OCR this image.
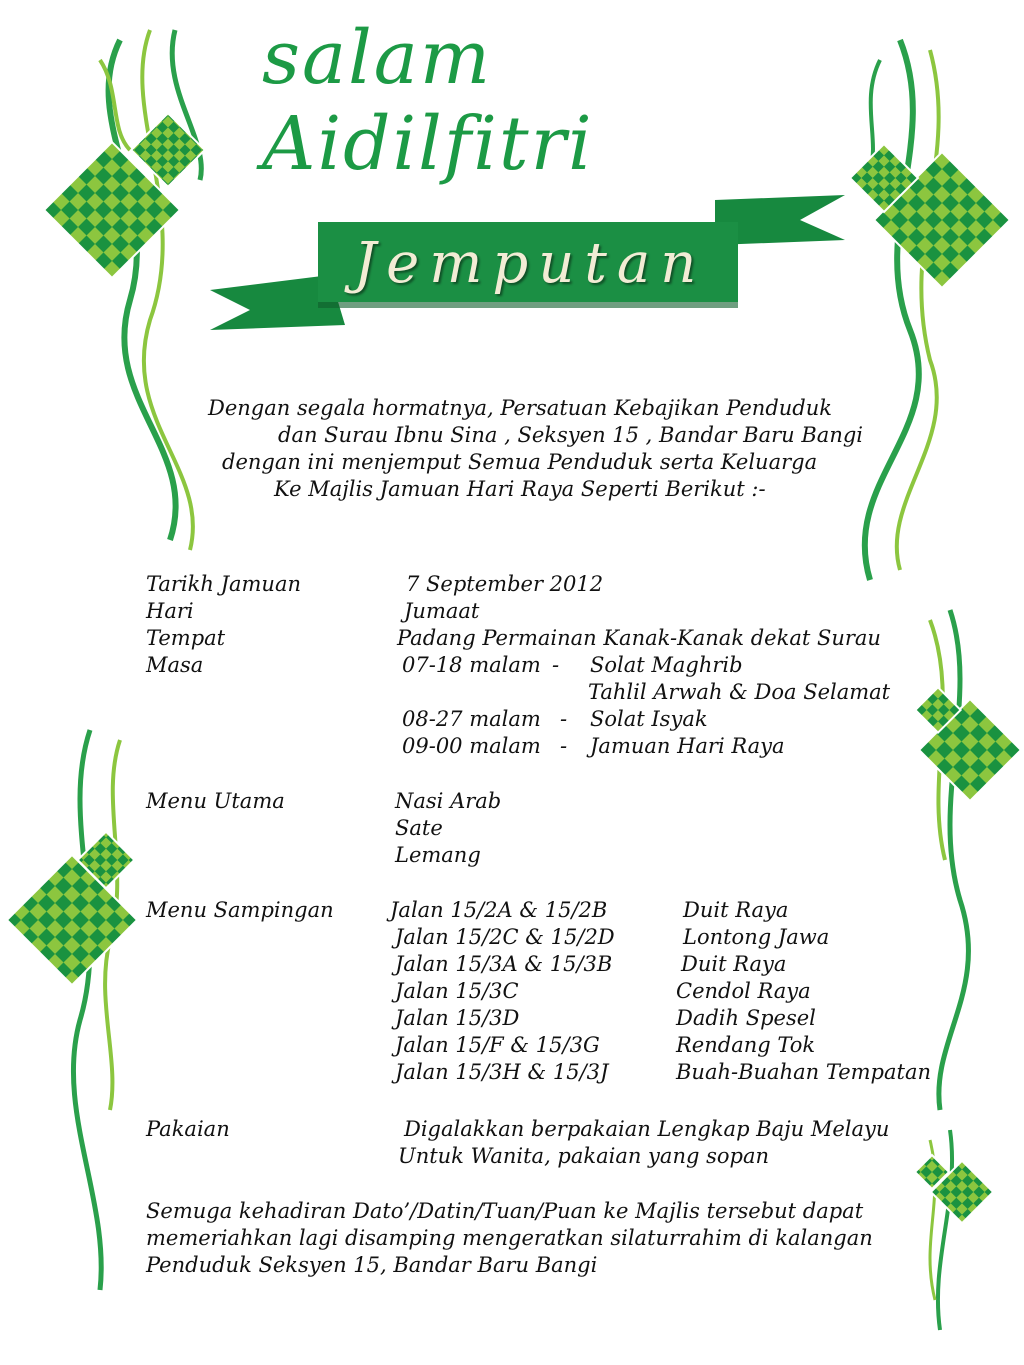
salam Aidilfitri
Jemputan
Dengan segala hormatnya, Persatuan Kebajikan Penduduk
dan Surau Ibnu Sina , Seksyen 15 , Bandar Baru Bangi
dengan ini menjemput Semua Penduduk serta Keluarga
Ke Majlis Jamuan Hari Raya Seperti Berikut :-
Tarikh Jamuan	7 September 2012
Hari	Jumaat
Tempat	Padang Permainan Kanak-Kanak dekat Surau
Masa	07-18 malam - Solat Maghrib
Tahlil Arwah & Doa Selamat
08-27 malam - Solat Isyak
09-00 malam - Jamuan Hari Raya
Menu Utama	Nasi Arab
Sate
Lemang
Menu Sampingan	Jalan 15/2A & 15/2B	Duit Raya
Jalan 15/2C & 15/2D	Lontong Jawa
Jalan 15/3A & 15/3B	Duit Raya
Jalan 15/3C	Cendol Raya
Jalan 15/3D	Dadih Spesel
Jalan 15/F & 15/3G	Rendang Tok
Jalan 15/3H & 15/3J	Buah-Buahan Tempatan
Pakaian	Digalakkan berpakaian Lengkap Baju Melayu
Untuk Wanita, pakaian yang sopan
Semuga kehadiran Dato’/Datin/Tuan/Puan ke Majlis tersebut dapat
memeriahkan lagi disamping mengeratkan silaturrahim di kalangan
Penduduk Seksyen 15, Bandar Baru Bangi
